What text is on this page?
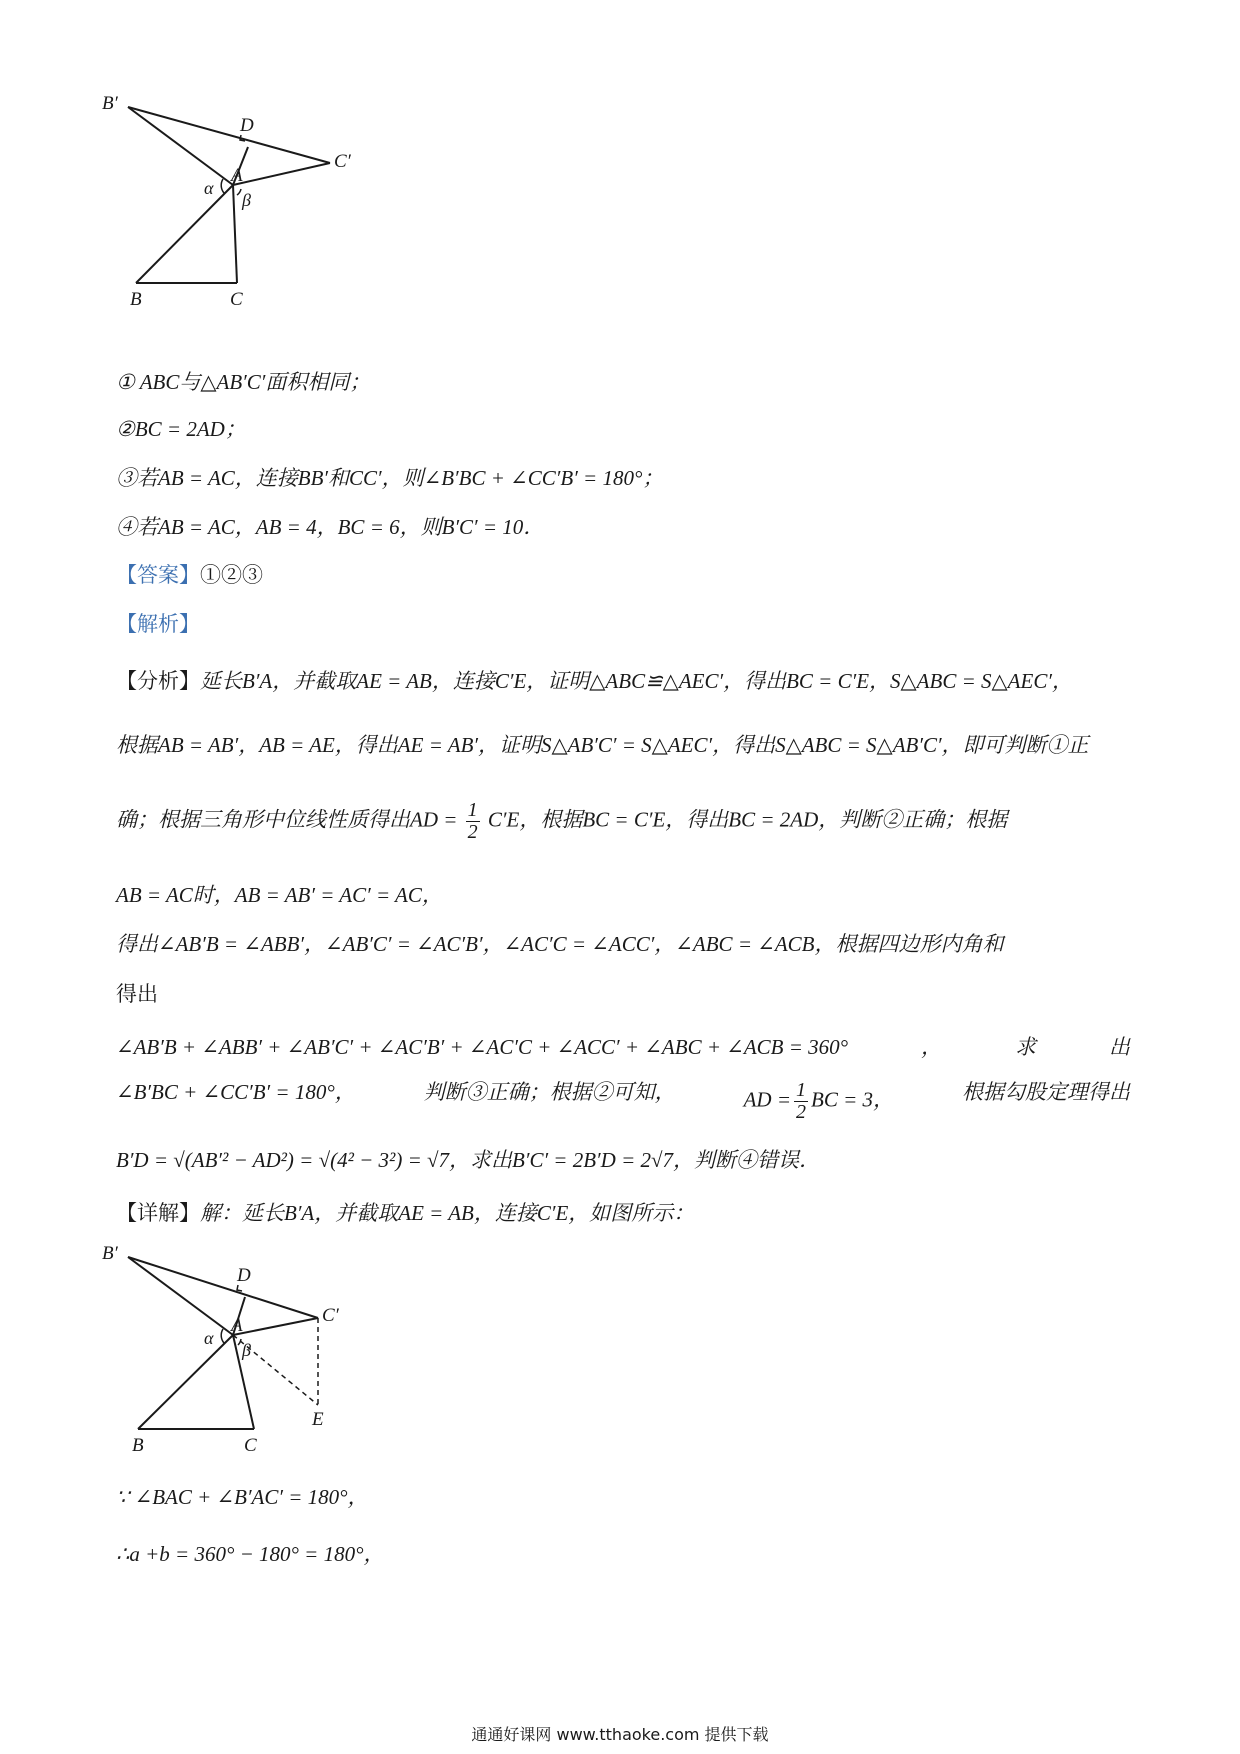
B′
D
C′
A
α
β
B	C
① ABC与△AB′C′面积相同；
②BC = 2AD；
③若AB = AC，连接BB′和CC′，则∠B′BC + ∠CC′B′ = 180°；
④若AB = AC，AB = 4，BC = 6，则B′C′ = 10．
【答案】①②③
【解析】
【分析】延长B′A，并截取AE = AB，连接C′E，证明△ABC≌△AEC′，得出BC = C′E，S△ABC = S△AEC′，
根据AB = AB′，AB = AE，得出AE = AB′，证明S△AB′C′ = S△AEC′，得出S△ABC = S△AB′C′，即可判断①正
确；根据三角形中位线性质得出AD = $\frac{1}{2} C'E$，根据BC = C′E，得出BC = 2AD，判断②正确；根据
AB = AC时，AB = AB′ = AC′ = AC，
得出∠AB′B = ∠ABB′，∠AB′C′ = ∠AC′B′，∠AC′C = ∠ACC′，∠ABC = ∠ACB，根据四边形内角和
得出
∠AB′B + ∠ABB′ + ∠AB′C′ + ∠AC′B′ + ∠AC′C + ∠ACC′ + ∠ABC + ∠ACB = 360°	，	求	出
∠B′BC + ∠CC′B′ = 180°，	判断③正确；根据②可知，	AD = $\frac{1}{2}$ BC = 3，	根据勾股定理得出
B′D = √(AB′² − AD²) = √(4² − 3²) = √7，求出B′C′ = 2B′D = 2√7，判断④错误．
【详解】解：延长B′A，并截取AE = AB，连接C′E，如图所示：
B′
D
C′
A
α
β
E
B	C
∵ ∠BAC + ∠B′AC′ = 180°，
∴a +b = 360° − 180° = 180°，
通通好课网 www.tthaoke.com 提供下载
